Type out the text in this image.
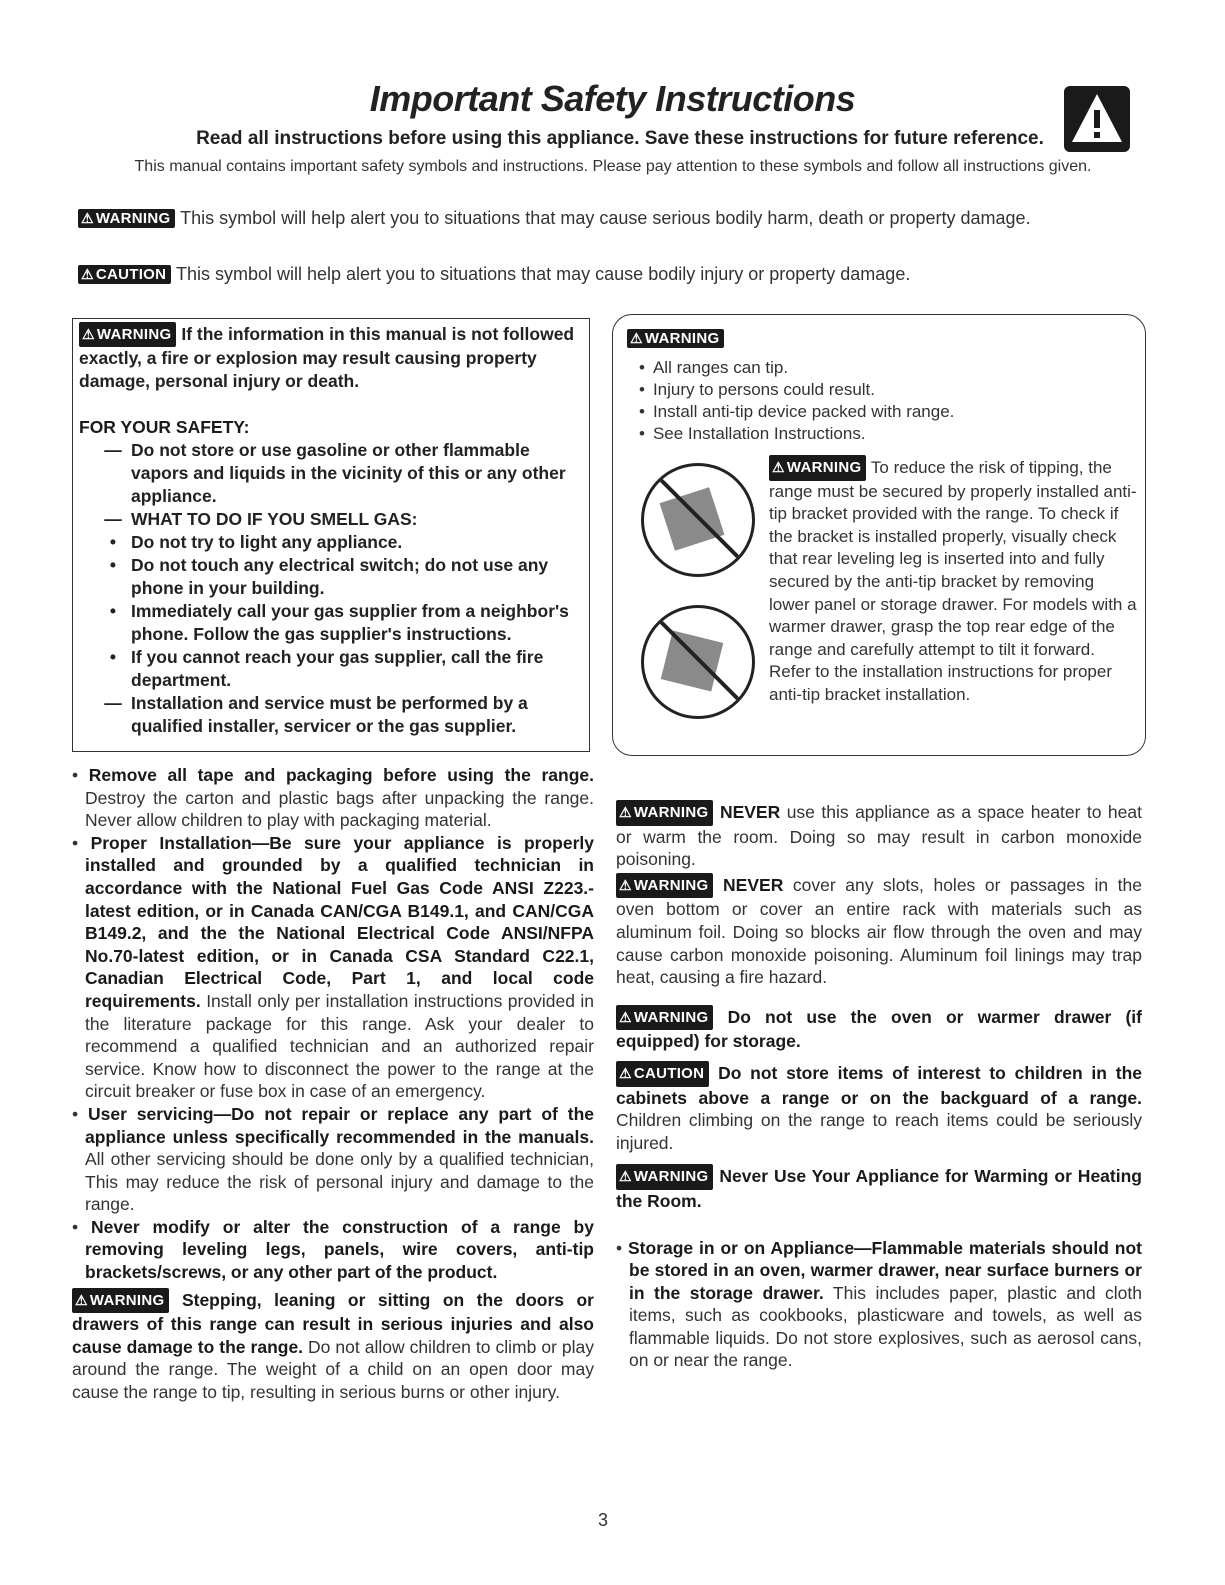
Important Safety Instructions
Read all instructions before using this appliance. Save these instructions for future reference.
This manual contains important safety symbols and instructions. Please pay attention to these symbols and follow all instructions given.
⚠ WARNING This symbol will help alert you to situations that may cause serious bodily harm, death or property damage.
⚠ CAUTION This symbol will help alert you to situations that may cause bodily injury or property damage.

⚠ WARNING If the information in this manual is not followed exactly, a fire or explosion may result causing property damage, personal injury or death.

FOR YOUR SAFETY:
— Do not store or use gasoline or other flammable vapors and liquids in the vicinity of this or any other appliance.
— WHAT TO DO IF YOU SMELL GAS:
• Do not try to light any appliance.
• Do not touch any electrical switch; do not use any phone in your building.
• Immediately call your gas supplier from a neighbor's phone. Follow the gas supplier's instructions.
• If you cannot reach your gas supplier, call the fire department.
— Installation and service must be performed by a qualified installer, servicer or the gas supplier.
⚠ WARNING
• All ranges can tip.
• Injury to persons could result.
• Install anti-tip device packed with range.
• See Installation Instructions.
⚠ WARNING To reduce the risk of tipping, the range must be secured by properly installed anti-tip bracket provided with the range. To check if the bracket is installed properly, visually check that rear leveling leg is inserted into and fully secured by the anti-tip bracket by removing lower panel or storage drawer. For models with a warmer drawer, grasp the top rear edge of the range and carefully attempt to tilt it forward. Refer to the installation instructions for proper anti-tip bracket installation.

• Remove all tape and packaging before using the range. Destroy the carton and plastic bags after unpacking the range. Never allow children to play with packaging material.

• Proper Installation—Be sure your appliance is properly installed and grounded by a qualified technician in accordance with the National Fuel Gas Code ANSI Z223.- latest edition, or in Canada CAN/CGA B149.1, and CAN/CGA B149.2, and the the National Electrical Code ANSI/NFPA No.70-latest edition, or in Canada CSA Standard C22.1, Canadian Electrical Code, Part 1, and local code requirements. Install only per installation instructions provided in the literature package for this range. Ask your dealer to recommend a qualified technician and an authorized repair service. Know how to disconnect the power to the range at the circuit breaker or fuse box in case of an emergency.

• User servicing—Do not repair or replace any part of the appliance unless specifically recommended in the manuals. All other servicing should be done only by a qualified technician, This may reduce the risk of personal injury and damage to the range.

• Never modify or alter the construction of a range by removing leveling legs, panels, wire covers, anti-tip brackets/screws, or any other part of the product.

⚠ WARNING Stepping, leaning or sitting on the doors or drawers of this range can result in serious injuries and also cause damage to the range. Do not allow children to climb or play around the range. The weight of a child on an open door may cause the range to tip, resulting in serious burns or other injury.

⚠ WARNING NEVER use this appliance as a space heater to heat or warm the room. Doing so may result in carbon monoxide poisoning.

⚠ WARNING NEVER cover any slots, holes or passages in the oven bottom or cover an entire rack with materials such as aluminum foil. Doing so blocks air flow through the oven and may cause carbon monoxide poisoning. Aluminum foil linings may trap heat, causing a fire hazard.

⚠ WARNING Do not use the oven or warmer drawer (if equipped) for storage.

⚠ CAUTION Do not store items of interest to children in the cabinets above a range or on the backguard of a range. Children climbing on the range to reach items could be seriously injured.

⚠ WARNING Never Use Your Appliance for Warming or Heating the Room.

• Storage in or on Appliance—Flammable materials should not be stored in an oven, warmer drawer, near surface burners or in the storage drawer. This includes paper, plastic and cloth items, such as cookbooks, plasticware and towels, as well as flammable liquids. Do not store explosives, such as aerosol cans, on or near the range.

3
